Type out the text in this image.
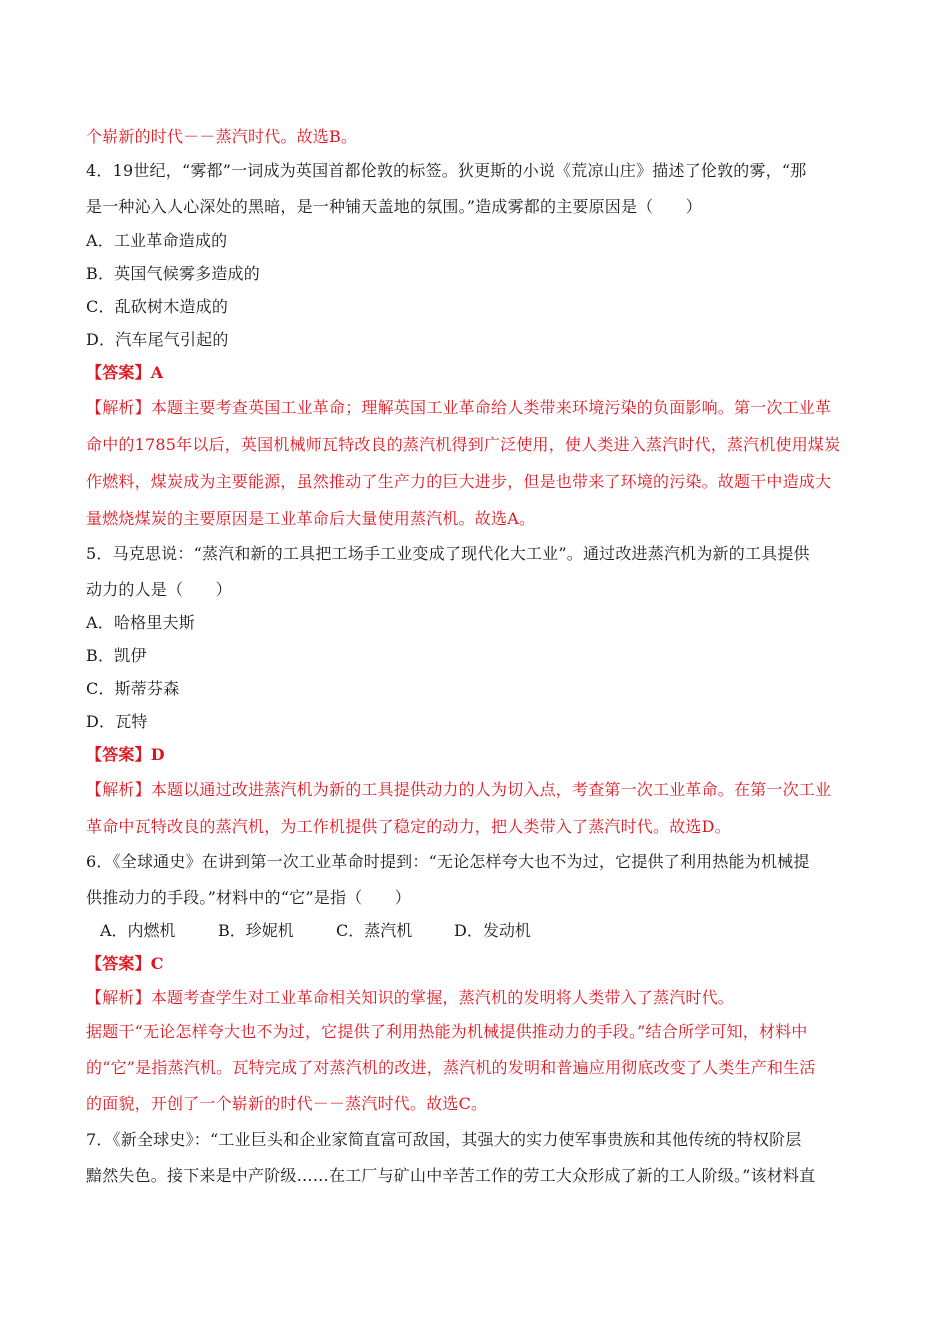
个崭新的时代－－蒸汽时代。故选B。
4．19世纪，“雾都”一词成为英国首都伦敦的标签。狄更斯的小说《荒凉山庄》描述了伦敦的雾，“那
是一种沁入人心深处的黑暗，是一种铺天盖地的氛围。”造成雾都的主要原因是（　　）
A．工业革命造成的
B．英国气候雾多造成的
C．乱砍树木造成的
D．汽车尾气引起的
【答案】A
【解析】本题主要考查英国工业革命；理解英国工业革命给人类带来环境污染的负面影响。第一次工业革
命中的1785年以后，英国机械师瓦特改良的蒸汽机得到广泛使用，使人类进入蒸汽时代，蒸汽机使用煤炭
作燃料，煤炭成为主要能源，虽然推动了生产力的巨大进步，但是也带来了环境的污染。故题干中造成大
量燃烧煤炭的主要原因是工业革命后大量使用蒸汽机。故选A。
5．马克思说：“蒸汽和新的工具把工场手工业变成了现代化大工业”。通过改进蒸汽机为新的工具提供
动力的人是（　　）
A．哈格里夫斯
B．凯伊
C．斯蒂芬森
D．瓦特
【答案】D
【解析】本题以通过改进蒸汽机为新的工具提供动力的人为切入点，考查第一次工业革命。在第一次工业
革命中瓦特改良的蒸汽机，为工作机提供了稳定的动力，把人类带入了蒸汽时代。故选D。
6．《全球通史》在讲到第一次工业革命时提到：“无论怎样夸大也不为过，它提供了利用热能为机械提
供推动力的手段。”材料中的“它”是指（　　）
A．内燃机	B．珍妮机	C．蒸汽机	D．发动机
【答案】C
【解析】本题考查学生对工业革命相关知识的掌握，蒸汽机的发明将人类带入了蒸汽时代。
据题干“无论怎样夸大也不为过，它提供了利用热能为机械提供推动力的手段。”结合所学可知，材料中
的“它”是指蒸汽机。瓦特完成了对蒸汽机的改进，蒸汽机的发明和普遍应用彻底改变了人类生产和生活
的面貌，开创了一个崭新的时代－－蒸汽时代。故选C。
7．《新全球史》：“工业巨头和企业家简直富可敌国，其强大的实力使军事贵族和其他传统的特权阶层
黯然失色。接下来是中产阶级……在工厂与矿山中辛苦工作的劳工大众形成了新的工人阶级。”该材料直
